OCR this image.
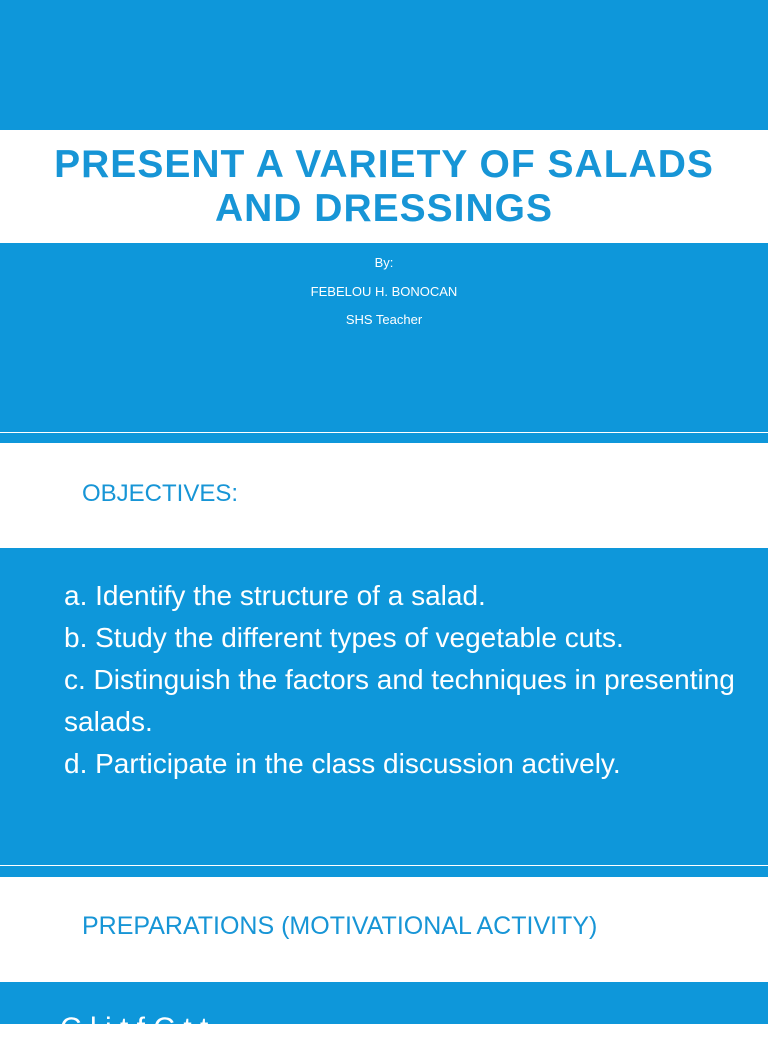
PRESENT A VARIETY OF SALADS
AND DRESSINGS
By:
FEBELOU H. BONOCAN
SHS Teacher
OBJECTIVES:
a. Identify the structure of a salad.
b. Study the different types of vegetable cuts.
c. Distinguish the factors and techniques in presenting salads.
d. Participate in the class discussion actively.
PREPARATIONS (MOTIVATIONAL ACTIVITY)
C l i t f C t t
